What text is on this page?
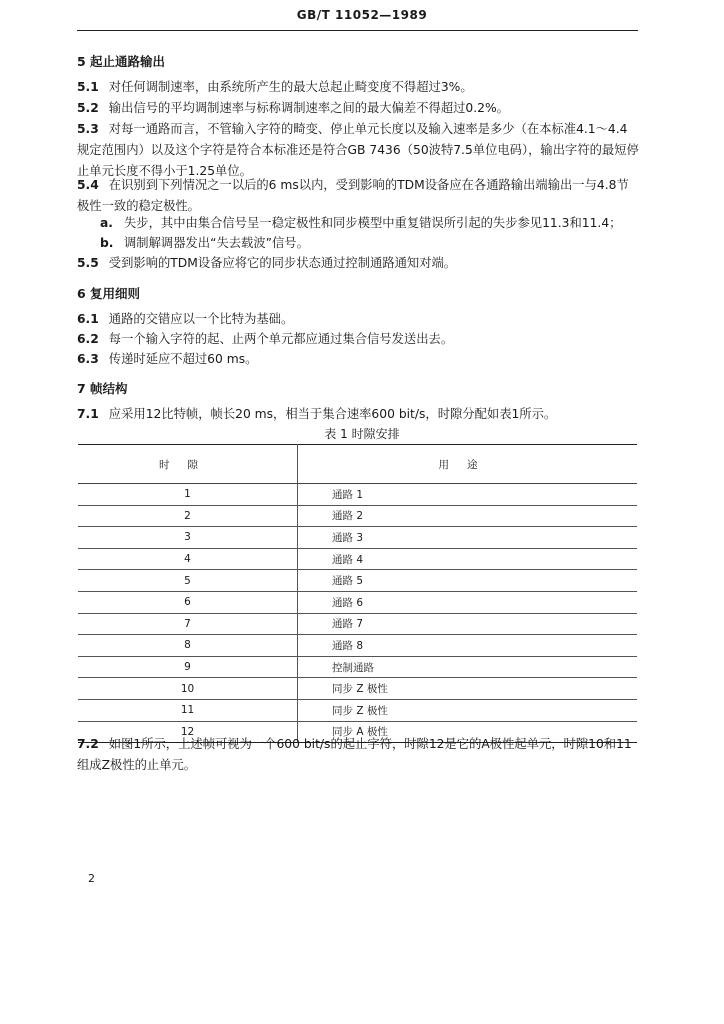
GB/T 11052—1989
5 起止通路输出
5.1 对任何调制速率，由系统所产生的最大总起止畸变度不得超过3%。
5.2 输出信号的平均调制速率与标称调制速率之间的最大偏差不得超过0.2%。
5.3 对每一通路而言，不管输入字符的畸变、停止单元长度以及输入速率是多少（在本标准4.1～4.4规定范围内）以及这个字符是符合本标准还是符合GB 7436（50波特7.5单位电码），输出字符的最短停止单元长度不得小于1.25单位。
5.4 在识别到下列情况之一以后的6 ms以内，受到影响的TDM设备应在各通路输出端输出一与4.8节极性一致的稳定极性。
a. 失步，其中由集合信号呈一稳定极性和同步模型中重复错误所引起的失步参见11.3和11.4；
b. 调制解调器发出“失去载波”信号。
5.5 受到影响的TDM设备应将它的同步状态通过控制通路通知对端。
6 复用细则
6.1 通路的交错应以一个比特为基础。
6.2 每一个输入字符的起、止两个单元都应通过集合信号发送出去。
6.3 传递时延应不超过60 ms。
7 帧结构
7.1 应采用12比特帧，帧长20 ms，相当于集合速率600 bit/s，时隙分配如表1所示。
表 1 时隙安排
时隙	用途
1	通路 1
2	通路 2
3	通路 3
4	通路 4
5	通路 5
6	通路 6
7	通路 7
8	通路 8
9	控制通路
10	同步 Z 极性
11	同步 Z 极性
12	同步 A 极性
7.2 如图1所示，上述帧可视为一个600 bit/s的起止字符，时隙12是它的A极性起单元，时隙10和11组成Z极性的止单元。
2
